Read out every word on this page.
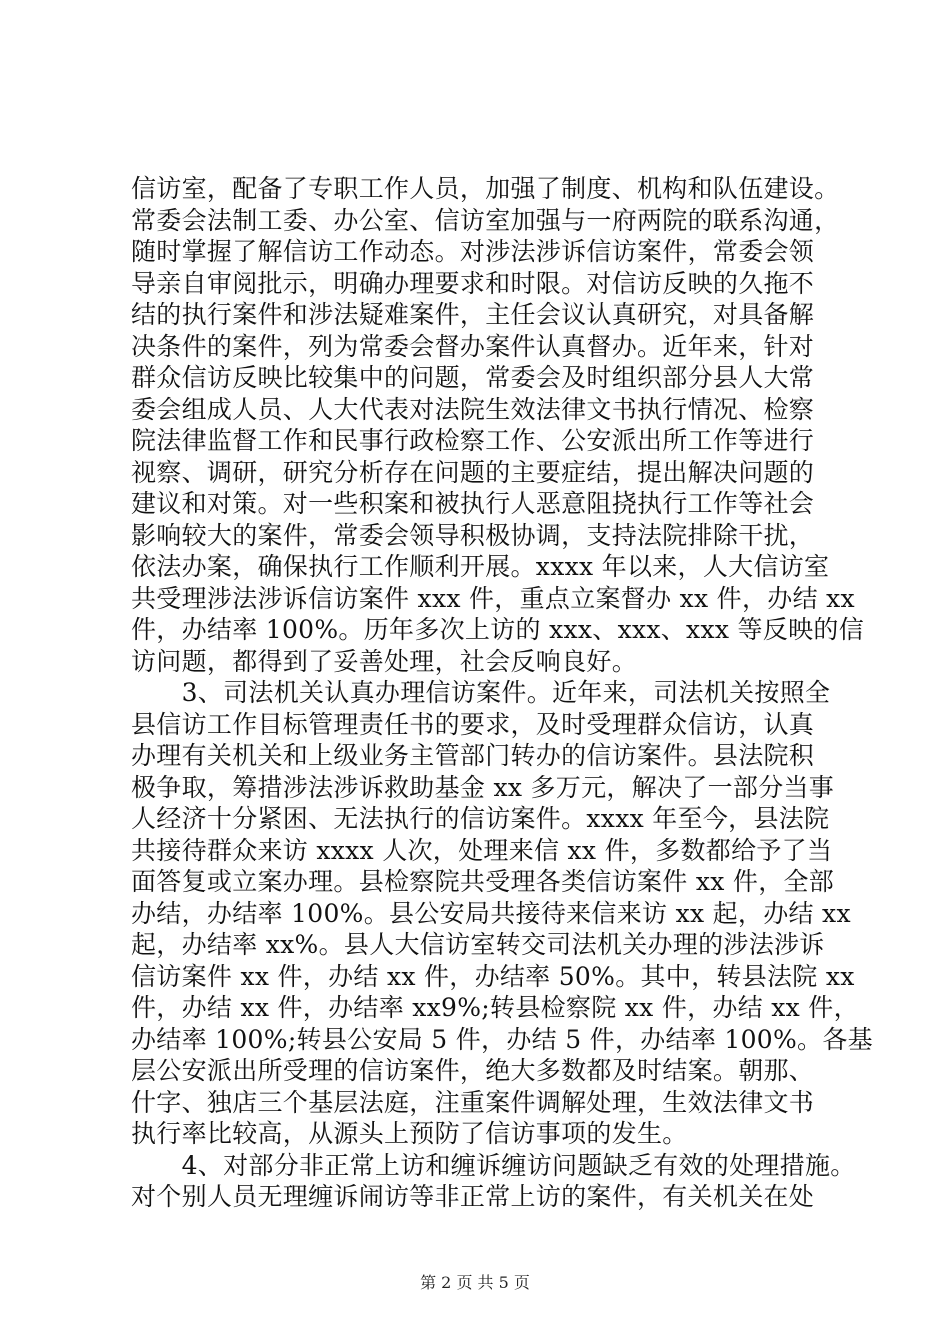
信访室，配备了专职工作人员，加强了制度、机构和队伍建设。
常委会法制工委、办公室、信访室加强与一府两院的联系沟通，
随时掌握了解信访工作动态。对涉法涉诉信访案件，常委会领
导亲自审阅批示，明确办理要求和时限。对信访反映的久拖不
结的执行案件和涉法疑难案件，主任会议认真研究，对具备解
决条件的案件，列为常委会督办案件认真督办。近年来，针对
群众信访反映比较集中的问题，常委会及时组织部分县人大常
委会组成人员、人大代表对法院生效法律文书执行情况、检察
院法律监督工作和民事行政检察工作、公安派出所工作等进行
视察、调研，研究分析存在问题的主要症结，提出解决问题的
建议和对策。对一些积案和被执行人恶意阻挠执行工作等社会
影响较大的案件，常委会领导积极协调，支持法院排除干扰，
依法办案，确保执行工作顺利开展。xxxx 年以来，人大信访室
共受理涉法涉诉信访案件 xxx 件，重点立案督办 xx 件，办结 xx
件，办结率 100%。历年多次上访的 xxx、xxx、xxx 等反映的信
访问题，都得到了妥善处理，社会反响良好。
　　3、司法机关认真办理信访案件。近年来，司法机关按照全
县信访工作目标管理责任书的要求，及时受理群众信访，认真
办理有关机关和上级业务主管部门转办的信访案件。县法院积
极争取，筹措涉法涉诉救助基金 xx 多万元，解决了一部分当事
人经济十分紧困、无法执行的信访案件。xxxx 年至今，县法院
共接待群众来访 xxxx 人次，处理来信 xx 件，多数都给予了当
面答复或立案办理。县检察院共受理各类信访案件 xx 件，全部
办结，办结率 100%。县公安局共接待来信来访 xx 起，办结 xx
起，办结率 xx%。县人大信访室转交司法机关办理的涉法涉诉
信访案件 xx 件，办结 xx 件，办结率 50%。其中，转县法院 xx
件，办结 xx 件，办结率 xx9%;转县检察院 xx 件，办结 xx 件，
办结率 100%;转县公安局 5 件，办结 5 件，办结率 100%。各基
层公安派出所受理的信访案件，绝大多数都及时结案。朝那、
什字、独店三个基层法庭，注重案件调解处理，生效法律文书
执行率比较高，从源头上预防了信访事项的发生。
　　4、对部分非正常上访和缠诉缠访问题缺乏有效的处理措施。
对个别人员无理缠诉闹访等非正常上访的案件，有关机关在处
第 2 页 共 5 页
